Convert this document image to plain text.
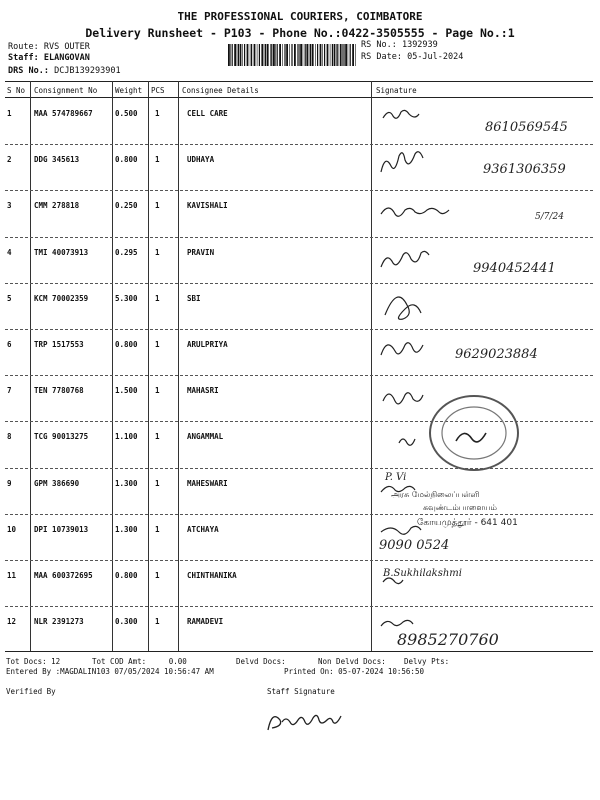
THE PROFESSIONAL COURIERS, COIMBATORE
Delivery Runsheet - P103 - Phone No.:0422-3505555 - Page No.:1
Route: RVS OUTER
Staff: ELANGOVAN
DRS No.: DCJB139293901
RS No.: 1392939
RS Date: 05-Jul-2024
S No Consignment No Weight PCS Consignee Details	Signature
1	MAA 574789667	0.500 1	CELL CARE
8610569545
2	DDG 345613	0.800 1	UDHAYA
9361306359
3	CMM 278818	0.250 1	KAVISHALI
5/7/24
4	TMI 40073913	0.295 1	PRAVIN
9940452441
5	KCM 70002359	5.300 1	SBI
6	TRP 1517553	0.800 1	ARULPRIYA
9629023884
7	TEN 7780768	1.500 1	MAHASRI
8	TCG 90013275	1.100 1	ANGAMMAL
9	GPM 386690	1.300 1	MAHESWARI
P. Vi
அரசு மேல்நிலைப்பள்ளி
கவுண்டம்பாளையம்
10 DPI 10739013	1.300 1	ATCHAYA
9090 0524
கோயமுத்தூர் - 641 401
11 MAA 600372695	0.800 1	CHINTHANIKA	B.Sukhilakshmi
12 NLR 2391273	0.300 1	RAMADEVI
8985270760
Tot Docs: 12	Tot COD Amt:	0.00	Delvd Docs:	Non Delvd Docs: Delvy Pts:
Entered By :MAGDALIN103 07/05/2024 10:56:47 AM	Printed On: 05-07-2024 10:56:50
Verified By	Staff Signature
